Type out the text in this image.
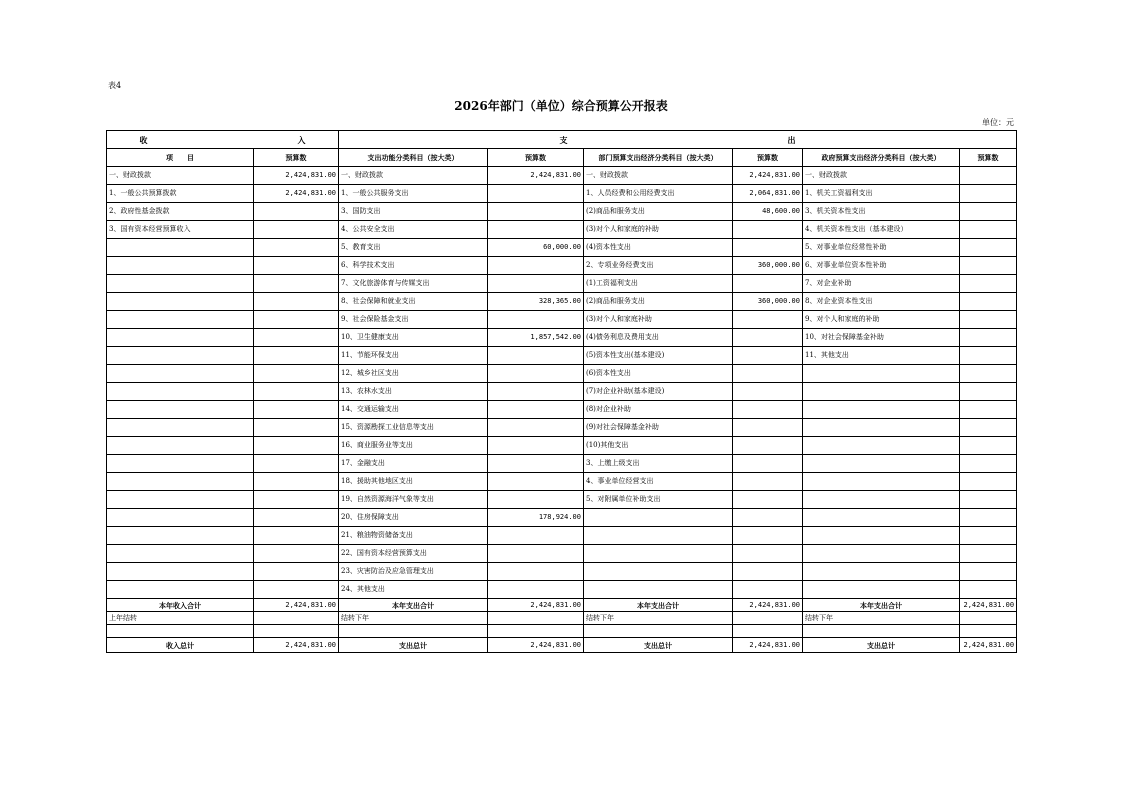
表4
2026年部门（单位）综合预算公开报表
单位：元
收 入		支 出					
项　　目	预算数	支出功能分类科目（按大类）	预算数	部门预算支出经济分类科目（按大类）	预算数	政府预算支出经济分类科目（按大类）	预算数
一、财政拨款	2,424,831.00	一、财政拨款	2,424,831.00	一、财政拨款	2,424,831.00	一、财政拨款	
1、一般公共预算拨款	2,424,831.00	1、一般公共服务支出		1、人员经费和公用经费支出	2,064,831.00	1、机关工资福利支出	
2、政府性基金拨款		3、国防支出		(2)商品和服务支出	48,600.00	3、机关资本性支出	
3、国有资本经营预算收入		4、公共安全支出		(3)对个人和家庭的补助		4、机关资本性支出（基本建设）	
		5、教育支出	60,000.00	(4)资本性支出		5、对事业单位经常性补助	
		6、科学技术支出		2、专项业务经费支出	360,000.00	6、对事业单位资本性补助	
		7、文化旅游体育与传媒支出		(1)工资福利支出		7、对企业补助	
		8、社会保障和就业支出	328,365.00	(2)商品和服务支出	360,000.00	8、对企业资本性支出	
		9、社会保险基金支出		(3)对个人和家庭补助		9、对个人和家庭的补助	
		10、卫生健康支出	1,857,542.00	(4)债务利息及费用支出		10、对社会保障基金补助	
		11、节能环保支出		(5)资本性支出(基本建设)		11、其他支出	
		12、城乡社区支出		(6)资本性支出			
		13、农林水支出		(7)对企业补助(基本建设)			
		14、交通运输支出		(8)对企业补助			
		15、资源勘探工业信息等支出		(9)对社会保障基金补助			
		16、商业服务业等支出		(10)其他支出			
		17、金融支出		3、上缴上级支出			
		18、援助其他地区支出		4、事业单位经营支出			
		19、自然资源海洋气象等支出		5、对附属单位补助支出			
		20、住房保障支出	178,924.00				
		21、粮油物资储备支出					
		22、国有资本经营预算支出					
		23、灾害防治及应急管理支出					
		24、其他支出					
本年收入合计	2,424,831.00	本年支出合计	2,424,831.00	本年支出合计	2,424,831.00	本年支出合计	2,424,831.00
上年结转		结转下年		结转下年		结转下年	

收入总计	2,424,831.00	支出总计	2,424,831.00	支出总计	2,424,831.00	支出总计	2,424,831.00
